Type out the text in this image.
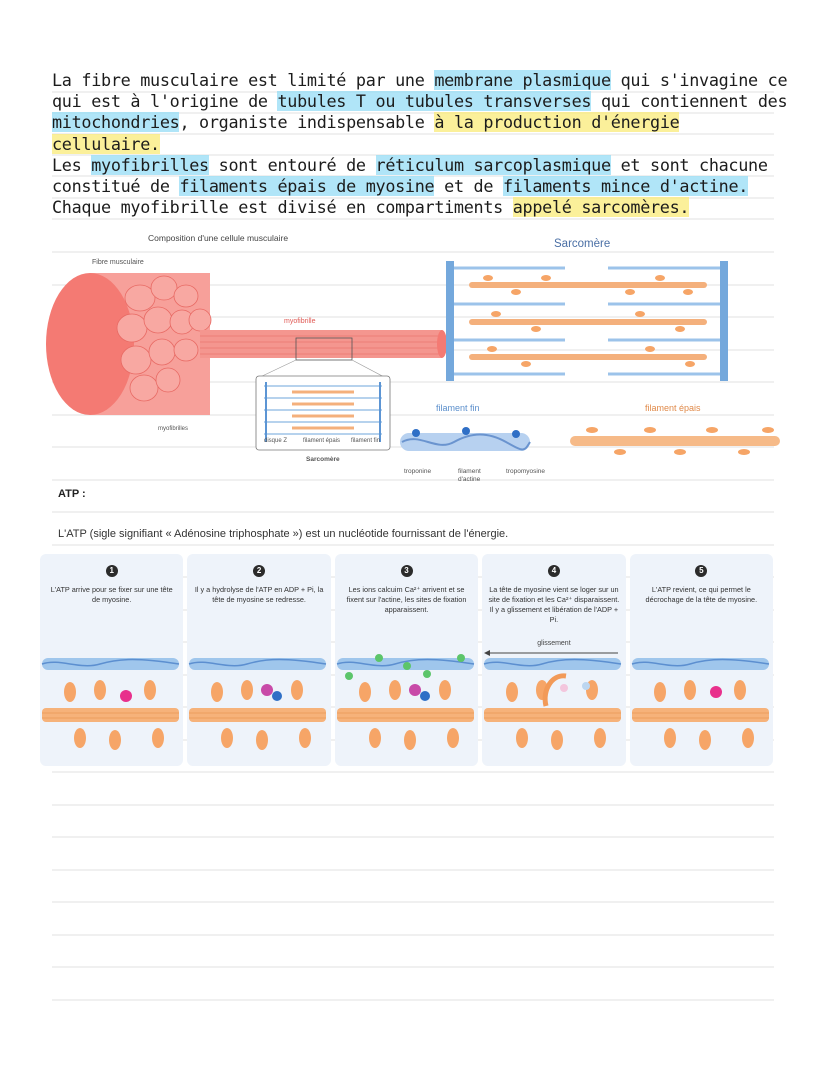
La fibre musculaire est limité par une membrane plasmique qui s'invagine ce qui est à l'origine de tubules T ou tubules transverses qui contiennent des mitochondries, organiste indispensable à la production d'énergie cellulaire.

Les myofibrilles sont entouré de réticulum sarcoplasmique et sont chacune constitué de filaments épais de myosine et de filaments mince d'actine.

Chaque myofibrille est divisé en compartiments appelé sarcomères.

Composition d'une cellule musculaire
Fibre musculaire
myofibrille
myofibrilles
disque Z	filament épais filament fin
Sarcomère
Sarcomère
filament fin	filament épais
troponine	filament
d'actine
tropomyosine
ATP :
L'ATP (sigle signifiant « Adénosine triphosphate ») est un nucléotide fournissant de l'énergie.
1
L'ATP arrive pour se fixer sur une tête de myosine.
2
Il y a hydrolyse de l'ATP en ADP + Pi, la tête de myosine se redresse.
3
Les ions calcuim Ca²⁺ arrivent et se fixent sur l'actine, les sites de fixation apparaissent.
4
La tête de myosine vient se loger sur un site de fixation et les Ca²⁺ disparaissent. Il y a glissement et libération de l'ADP + Pi.
glissement
5
L'ATP revient, ce qui permet le décrochage de la tête de myosine.
